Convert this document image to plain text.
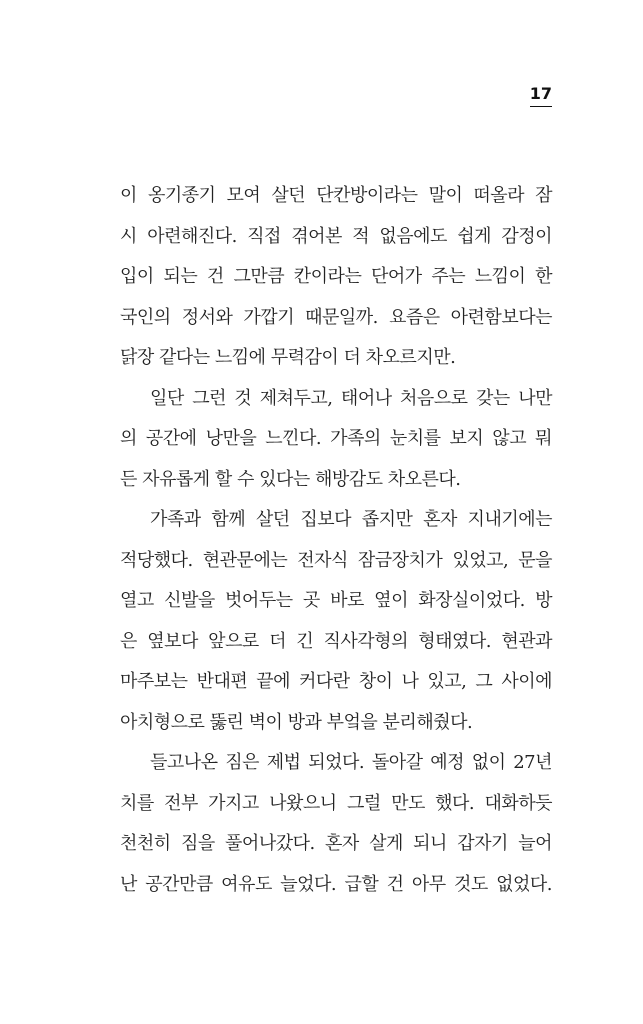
17
이 옹기종기 모여 살던 단칸방이라는 말이 떠올라 잠
시 아련해진다. 직접 겪어본 적 없음에도 쉽게 감정이
입이 되는 건 그만큼 칸이라는 단어가 주는 느낌이 한
국인의 정서와 가깝기 때문일까. 요즘은 아련함보다는
닭장 같다는 느낌에 무력감이 더 차오르지만.
일단 그런 것 제쳐두고, 태어나 처음으로 갖는 나만
의 공간에 낭만을 느낀다. 가족의 눈치를 보지 않고 뭐
든 자유롭게 할 수 있다는 해방감도 차오른다.
가족과 함께 살던 집보다 좁지만 혼자 지내기에는
적당했다. 현관문에는 전자식 잠금장치가 있었고, 문을
열고 신발을 벗어두는 곳 바로 옆이 화장실이었다. 방
은 옆보다 앞으로 더 긴 직사각형의 형태였다. 현관과
마주보는 반대편 끝에 커다란 창이 나 있고, 그 사이에
아치형으로 뚫린 벽이 방과 부엌을 분리해줬다.
들고나온 짐은 제법 되었다. 돌아갈 예정 없이 27년
치를 전부 가지고 나왔으니 그럴 만도 했다. 대화하듯
천천히 짐을 풀어나갔다. 혼자 살게 되니 갑자기 늘어
난 공간만큼 여유도 늘었다. 급할 건 아무 것도 없었다.
